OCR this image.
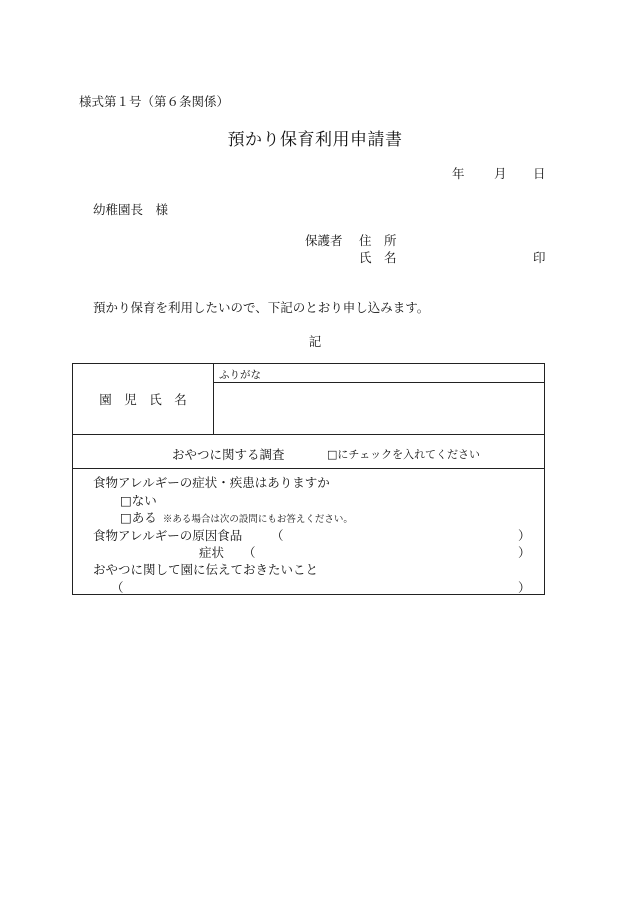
様式第１号（第６条関係）
預かり保育利用申請書
年 月 日
幼稚園長　様
保護者 住　所
氏　名	印
預かり保育を利用したいので、下記のとおり申し込みます。
記
園　児　氏　名
ふりがな
おやつに関する調査	□にチェックを入れてください
食物アレルギーの症状・疾患はありますか
□ない
□ある ※ある場合は次の設問にもお答えください。
食物アレルギーの原因食品 （	）
症状 （	）
おやつに関して園に伝えておきたいこと
（	）
